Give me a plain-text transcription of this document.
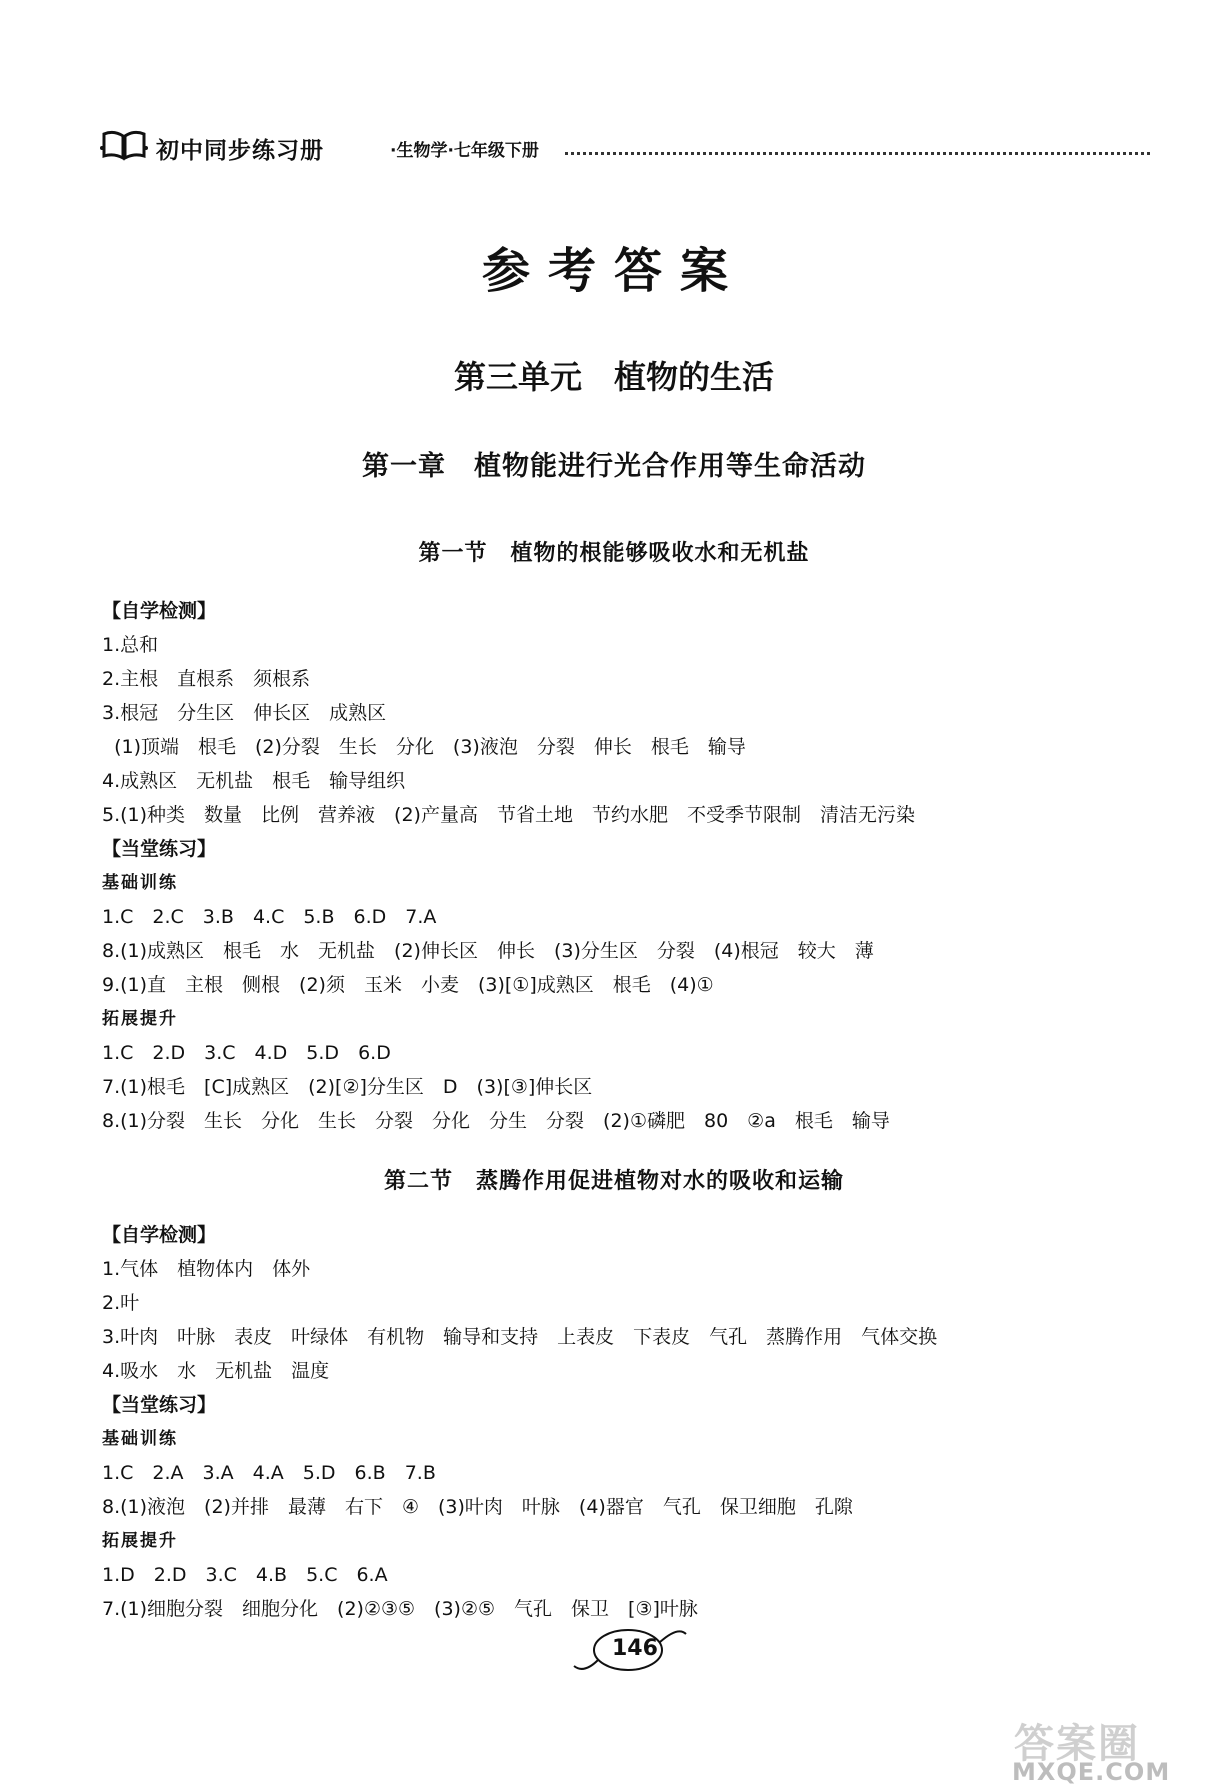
初中同步练习册	·生物学·七年级下册
参考答案
第三单元　植物的生活
第一章　植物能进行光合作用等生命活动
第一节　植物的根能够吸收水和无机盐
【自学检测】
1.总和
2.主根　直根系　须根系
3.根冠　分生区　伸长区　成熟区
(1)顶端　根毛　(2)分裂　生长　分化　(3)液泡　分裂　伸长　根毛　输导
4.成熟区　无机盐　根毛　输导组织
5.(1)种类　数量　比例　营养液　(2)产量高　节省土地　节约水肥　不受季节限制　清洁无污染
【当堂练习】
基础训练
1.C　2.C　3.B　4.C　5.B　6.D　7.A
8.(1)成熟区　根毛　水　无机盐　(2)伸长区　伸长　(3)分生区　分裂　(4)根冠　较大　薄
9.(1)直　主根　侧根　(2)须　玉米　小麦　(3)[①]成熟区　根毛　(4)①
拓展提升
1.C　2.D　3.C　4.D　5.D　6.D
7.(1)根毛　[C]成熟区　(2)[②]分生区　D　(3)[③]伸长区
8.(1)分裂　生长　分化　生长　分裂　分化　分生　分裂　(2)①磷肥　80　②a　根毛　输导
第二节　蒸腾作用促进植物对水的吸收和运输
【自学检测】
1.气体　植物体内　体外
2.叶
3.叶肉　叶脉　表皮　叶绿体　有机物　输导和支持　上表皮　下表皮　气孔　蒸腾作用　气体交换
4.吸水　水　无机盐　温度
【当堂练习】
基础训练
1.C　2.A　3.A　4.A　5.D　6.B　7.B
8.(1)液泡　(2)并排　最薄　右下　④　(3)叶肉　叶脉　(4)器官　气孔　保卫细胞　孔隙
拓展提升
1.D　2.D　3.C　4.B　5.C　6.A
7.(1)细胞分裂　细胞分化　(2)②③⑤　(3)②⑤　气孔　保卫　[③]叶脉
146
答案圈
MXQE.COM
